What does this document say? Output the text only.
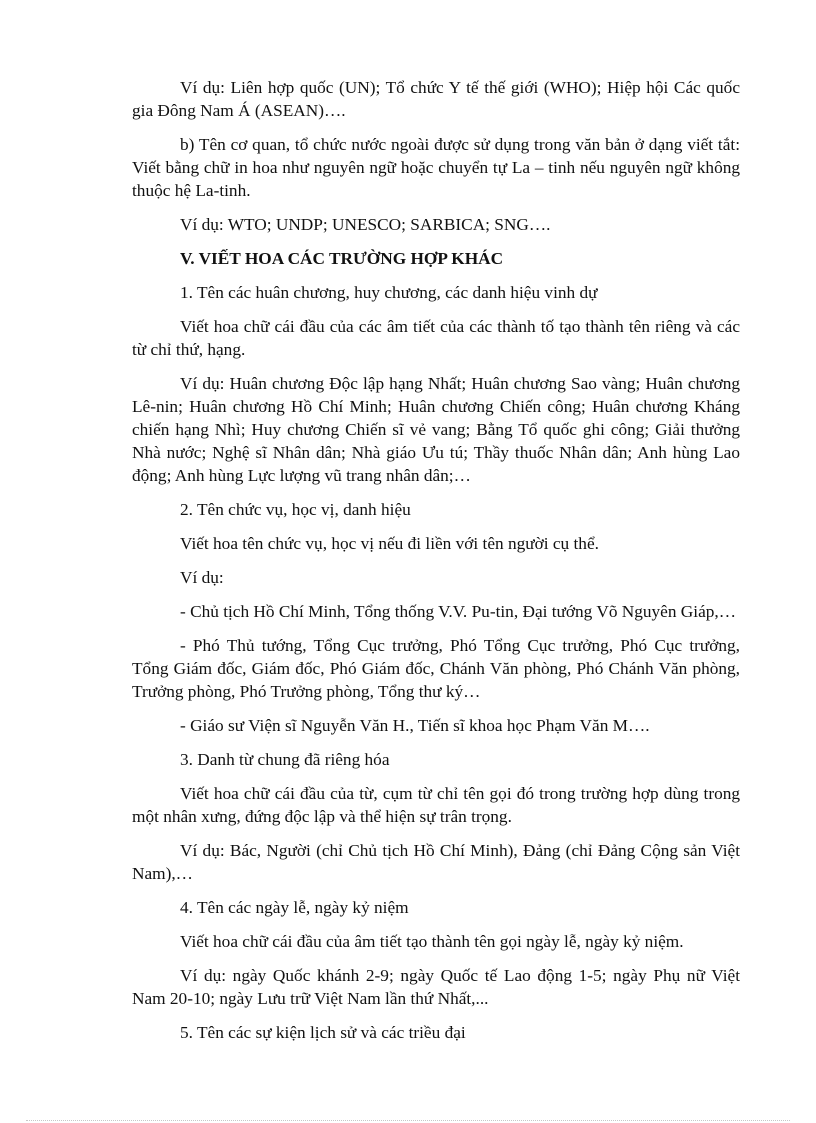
Ví dụ: Liên hợp quốc (UN); Tổ chức Y tế thế giới (WHO); Hiệp hội Các quốc gia Đông Nam Á (ASEAN)….

b) Tên cơ quan, tổ chức nước ngoài được sử dụng trong văn bản ở dạng viết tắt: Viết bằng chữ in hoa như nguyên ngữ hoặc chuyển tự La – tinh nếu nguyên ngữ không thuộc hệ La-tinh.

Ví dụ: WTO; UNDP; UNESCO; SARBICA; SNG….

V. VIẾT HOA CÁC TRƯỜNG HỢP KHÁC

1. Tên các huân chương, huy chương, các danh hiệu vinh dự

Viết hoa chữ cái đầu của các âm tiết của các thành tố tạo thành tên riêng và các từ chỉ thứ, hạng.

Ví dụ: Huân chương Độc lập hạng Nhất; Huân chương Sao vàng; Huân chương Lê-nin; Huân chương Hồ Chí Minh; Huân chương Chiến công; Huân chương Kháng chiến hạng Nhì; Huy chương Chiến sĩ vẻ vang; Bằng Tổ quốc ghi công; Giải thưởng Nhà nước; Nghệ sĩ Nhân dân; Nhà giáo Ưu tú; Thầy thuốc Nhân dân; Anh hùng Lao động; Anh hùng Lực lượng vũ trang nhân dân;…

2. Tên chức vụ, học vị, danh hiệu

Viết hoa tên chức vụ, học vị nếu đi liền với tên người cụ thể.

Ví dụ:

- Chủ tịch Hồ Chí Minh, Tổng thống V.V. Pu-tin, Đại tướng Võ Nguyên Giáp,…

- Phó Thủ tướng, Tổng Cục trưởng, Phó Tổng Cục trưởng, Phó Cục trưởng, Tổng Giám đốc, Giám đốc, Phó Giám đốc, Chánh Văn phòng, Phó Chánh Văn phòng, Trưởng phòng, Phó Trưởng phòng, Tổng thư ký…

- Giáo sư Viện sĩ Nguyễn Văn H., Tiến sĩ khoa học Phạm Văn M….

3. Danh từ chung đã riêng hóa

Viết hoa chữ cái đầu của từ, cụm từ chỉ tên gọi đó trong trường hợp dùng trong một nhân xưng, đứng độc lập và thể hiện sự trân trọng.

Ví dụ: Bác, Người (chỉ Chủ tịch Hồ Chí Minh), Đảng (chỉ Đảng Cộng sản Việt Nam),…

4. Tên các ngày lễ, ngày kỷ niệm

Viết hoa chữ cái đầu của âm tiết tạo thành tên gọi ngày lễ, ngày kỷ niệm.

Ví dụ: ngày Quốc khánh 2-9; ngày Quốc tế Lao động 1-5; ngày Phụ nữ Việt Nam 20-10; ngày Lưu trữ Việt Nam lần thứ Nhất,...

5. Tên các sự kiện lịch sử và các triều đại
